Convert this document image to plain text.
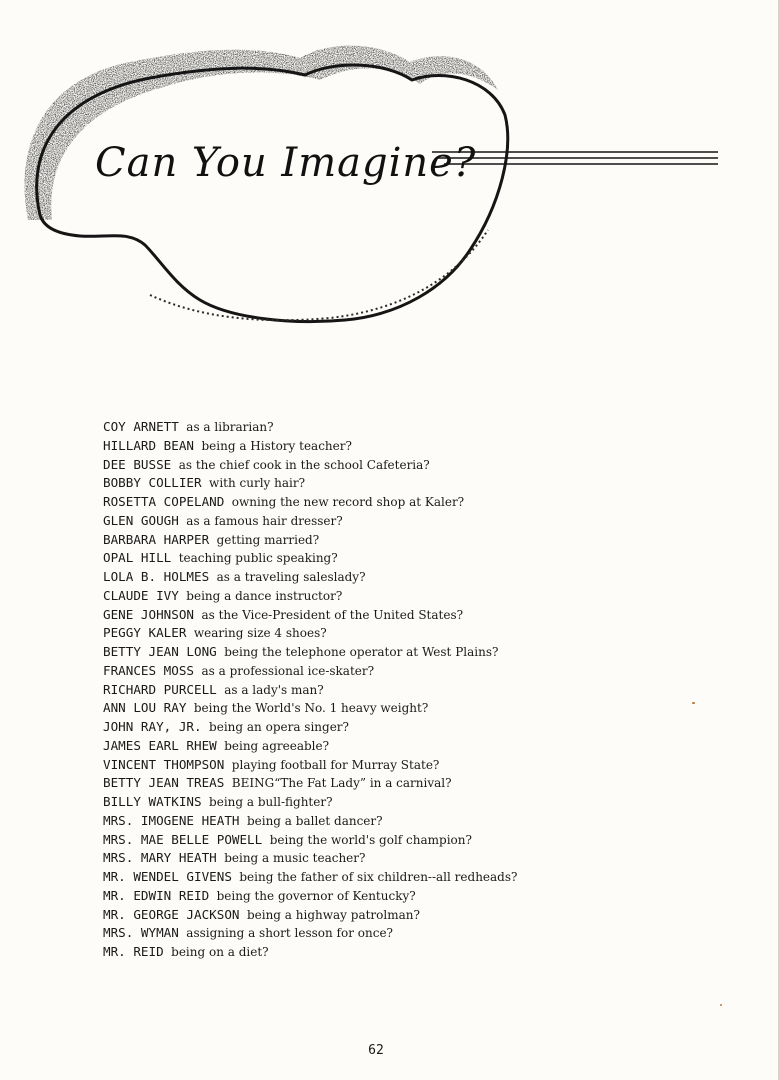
Can You Imagine?
COY ARNETT as a librarian?
HILLARD BEAN being a History teacher?
DEE BUSSE as the chief cook in the school Cafeteria?
BOBBY COLLIER with curly hair?
ROSETTA COPELAND owning the new record shop at Kaler?
GLEN GOUGH as a famous hair dresser?
BARBARA HARPER getting married?
OPAL HILL teaching public speaking?
LOLA B. HOLMES as a traveling saleslady?
CLAUDE IVY being a dance instructor?
GENE JOHNSON as the Vice-President of the United States?
PEGGY KALER wearing size 4 shoes?
BETTY JEAN LONG being the telephone operator at West Plains?
FRANCES MOSS as a professional ice-skater?
RICHARD PURCELL as a lady's man?
ANN LOU RAY being the World's No. 1 heavy weight?
JOHN RAY, JR. being an opera singer?
JAMES EARL RHEW being agreeable?
VINCENT THOMPSON playing football for Murray State?
BETTY JEAN TREAS BEING“The Fat Lady” in a carnival?
BILLY WATKINS being a bull-fighter?
MRS. IMOGENE HEATH being a ballet dancer?
MRS. MAE BELLE POWELL being the world's golf champion?
MRS. MARY HEATH being a music teacher?
MR. WENDEL GIVENS being the father of six children--all redheads?
MR. EDWIN REID being the governor of Kentucky?
MR. GEORGE JACKSON being a highway patrolman?
MRS. WYMAN assigning a short lesson for once?
MR. REID being on a diet?
62
